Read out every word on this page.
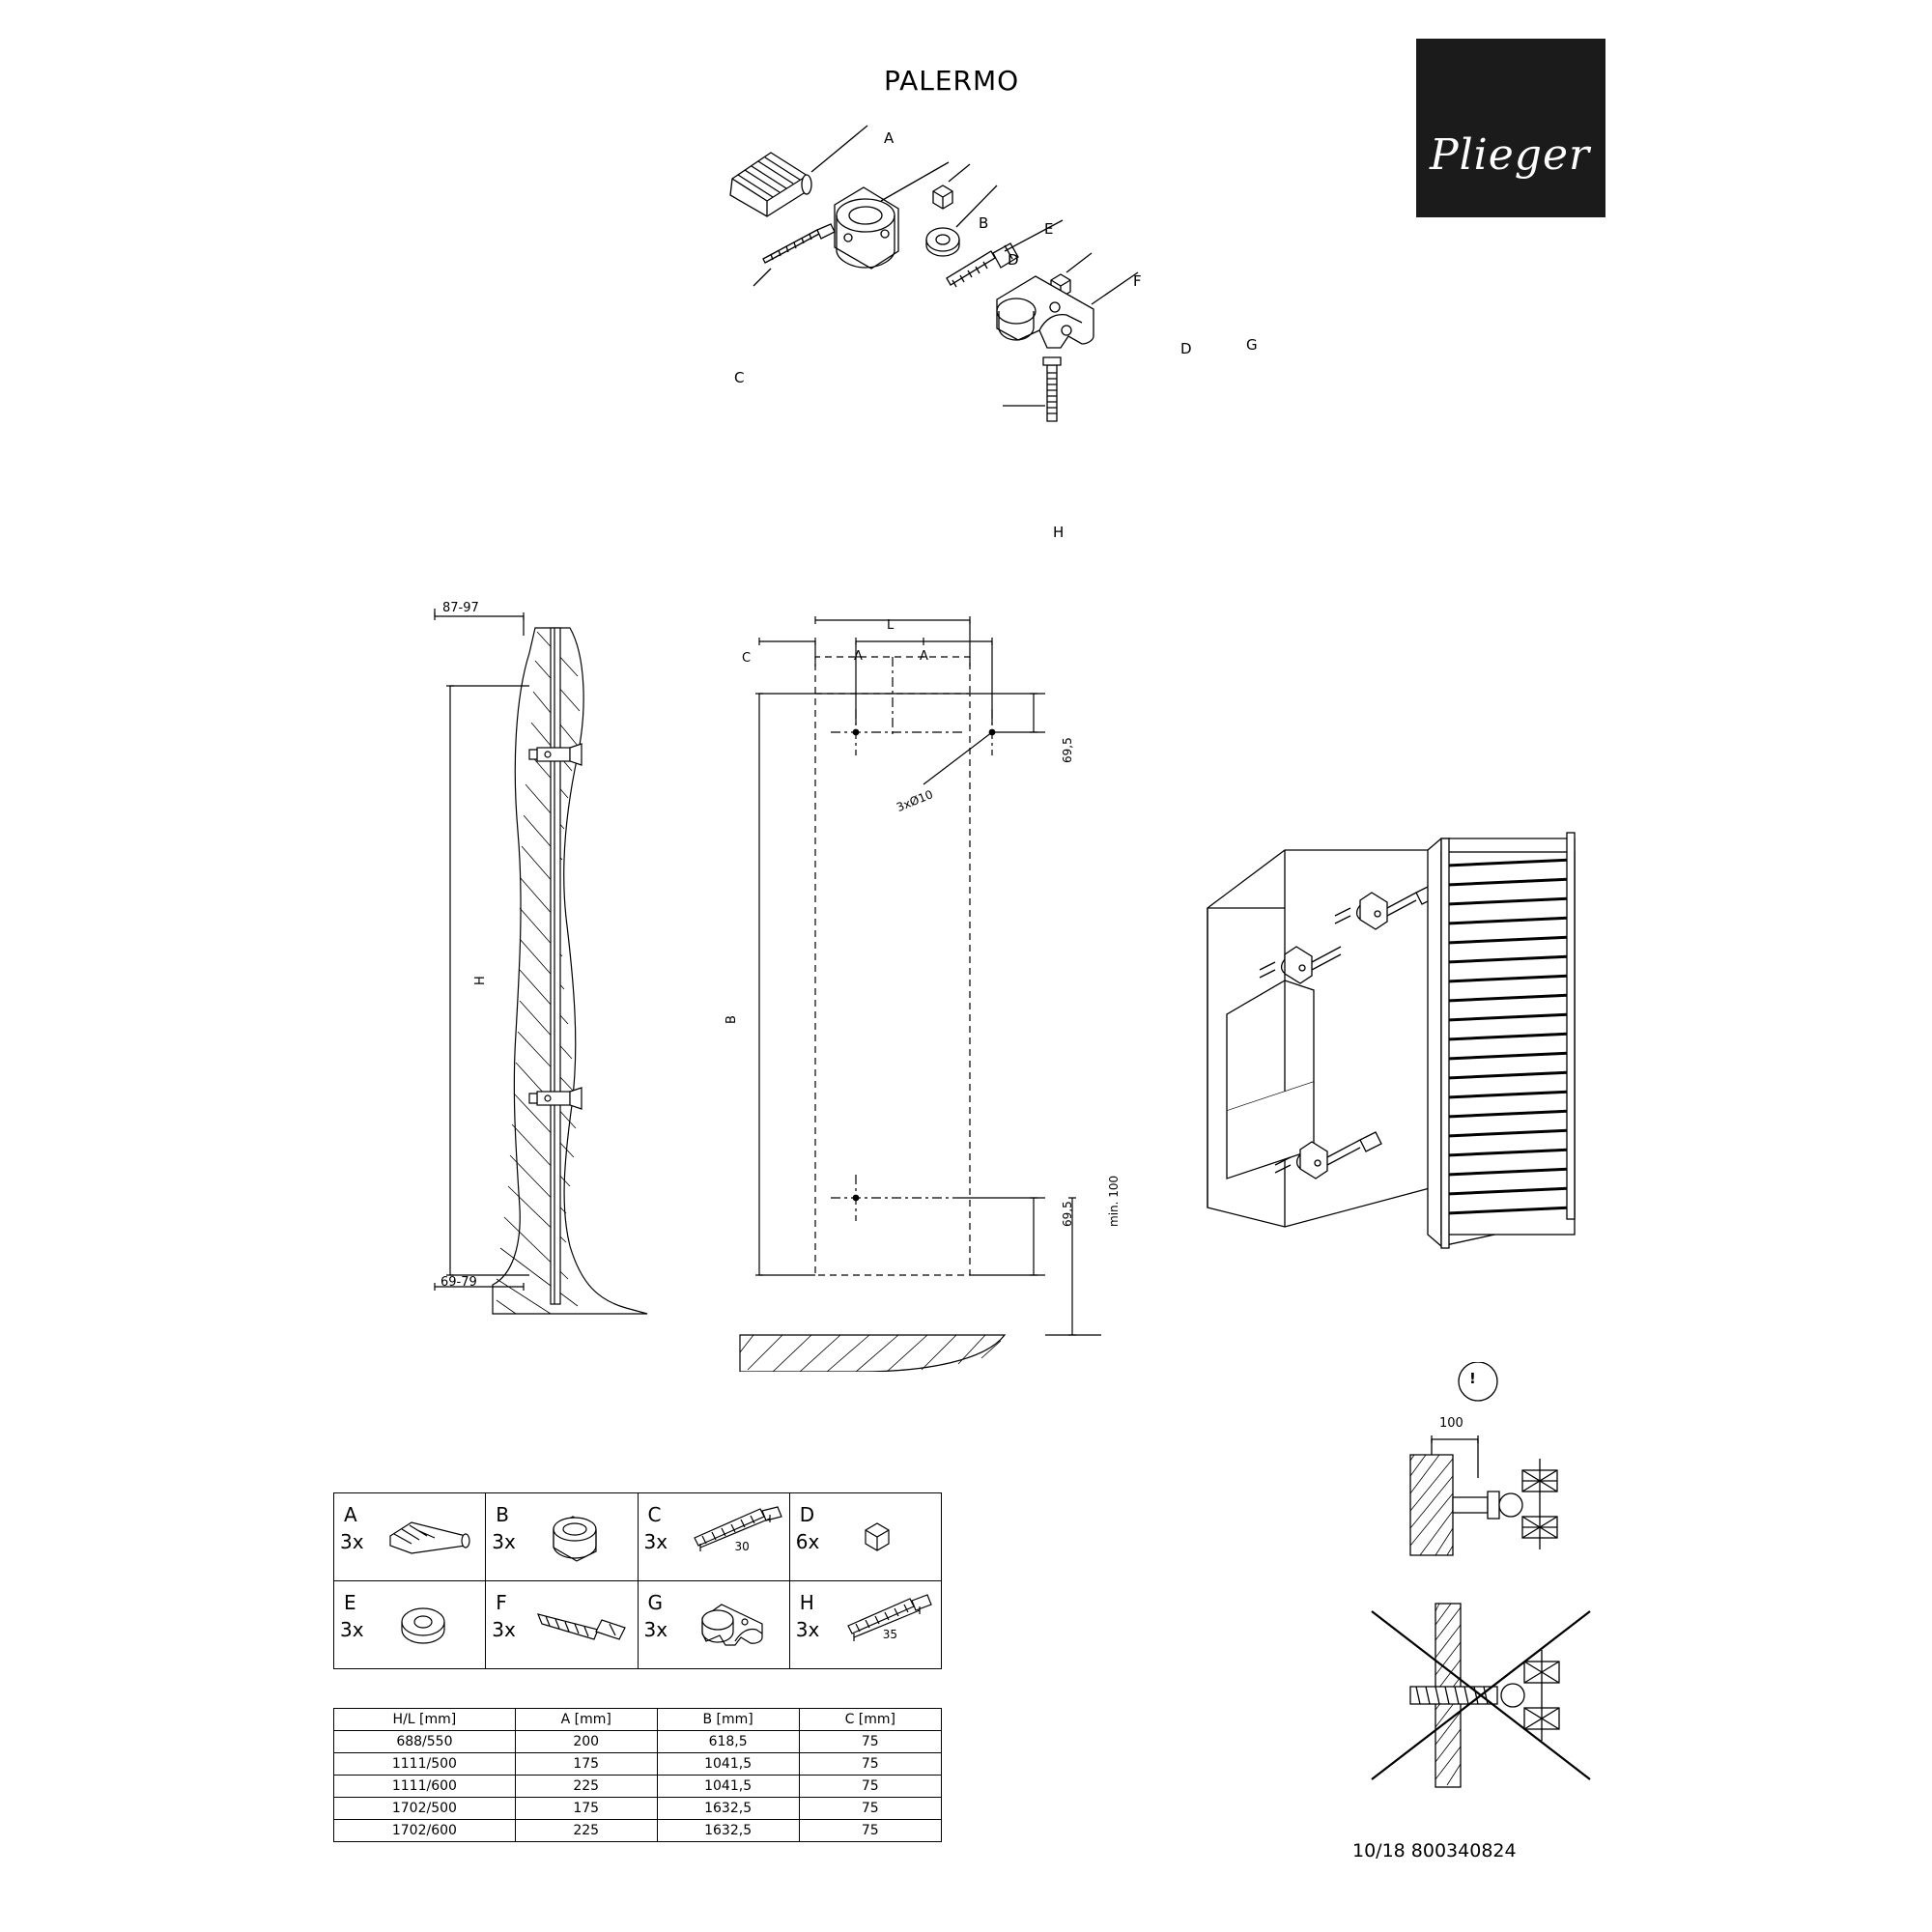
PALERMO
Plieger
A
B
D
E
C
F
D	G
H
87-97
69-79
H
C
L
A	A
B
69,5
69,5	min. 100
3xØ10
!
100
A
3x

B
3x

C
3x	30

D
6x

E
3x

F
3x

G
3x

H
3x	35
H/L [mm]	A [mm]	B [mm]	C [mm]
688/550	200	618,5	75
1111/500	175	1041,5	75
1111/600	225	1041,5	75
1702/500	175	1632,5	75
1702/600	225	1632,5	75
10/18 800340824
